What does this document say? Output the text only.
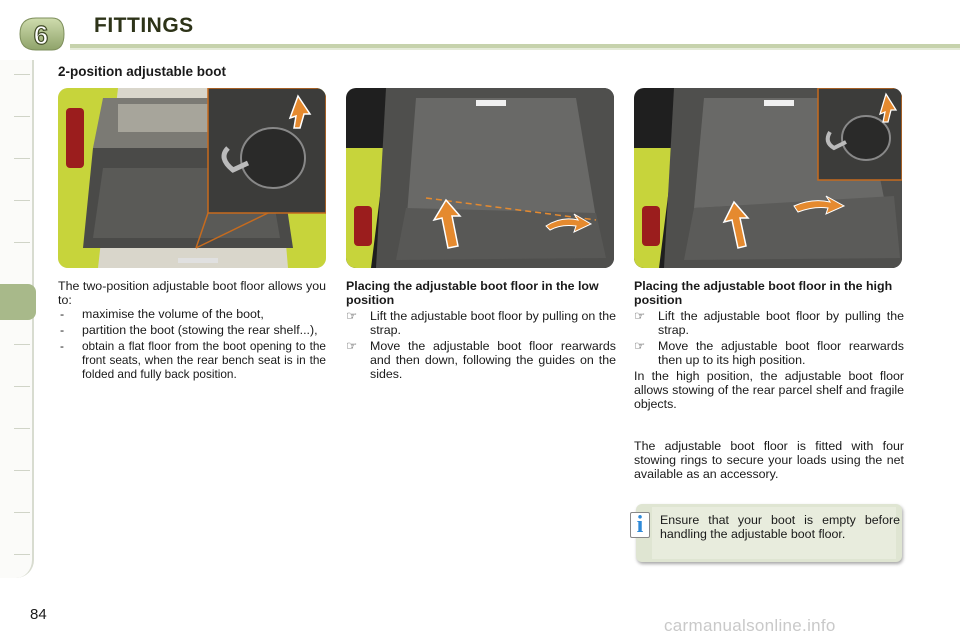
6 FITTINGS
2-position adjustable boot

The two-position adjustable boot floor allows you to:

- maximise the volume of the boot,
- partition the boot (stowing the rear shelf...),
- obtain a flat floor from the boot opening to the front seats, when the rear bench seat is in the folded and fully back position.

Placing the adjustable boot floor in the low position

☞ Lift the adjustable boot floor by pulling on the strap.
☞ Move the adjustable boot floor rearwards and then down, following the guides on the sides.

Placing the adjustable boot floor in the high position

☞ Lift the adjustable boot floor by pulling the strap.
☞ Move the adjustable boot floor rearwards then up to its high position.

In the high position, the adjustable boot floor allows stowing of the rear parcel shelf and fragile objects.

The adjustable boot floor is fitted with four stowing rings to secure your loads using the net available as an accessory.

i	Ensure that your boot is empty before handling the adjustable boot floor.
84
carmanualsonline.info
